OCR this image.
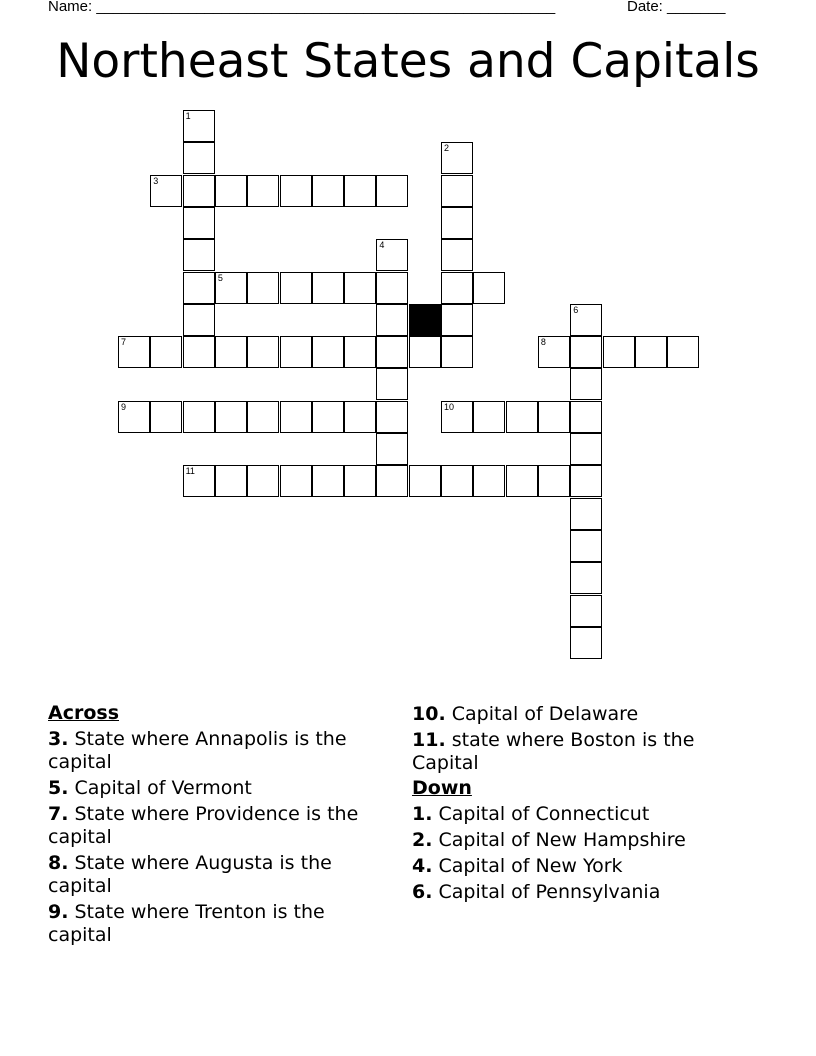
Name: _______________________________________________________	Date: _______
Northeast States and Capitals
1
2
3
4
5
6
7	8
9	10
11
Across
3. State where Annapolis is the capital
5. Capital of Vermont
7. State where Providence is the capital
8. State where Augusta is the capital
9. State where Trenton is the capital
10. Capital of Delaware
11. state where Boston is the Capital
Down
1. Capital of Connecticut
2. Capital of New Hampshire
4. Capital of New York
6. Capital of Pennsylvania
